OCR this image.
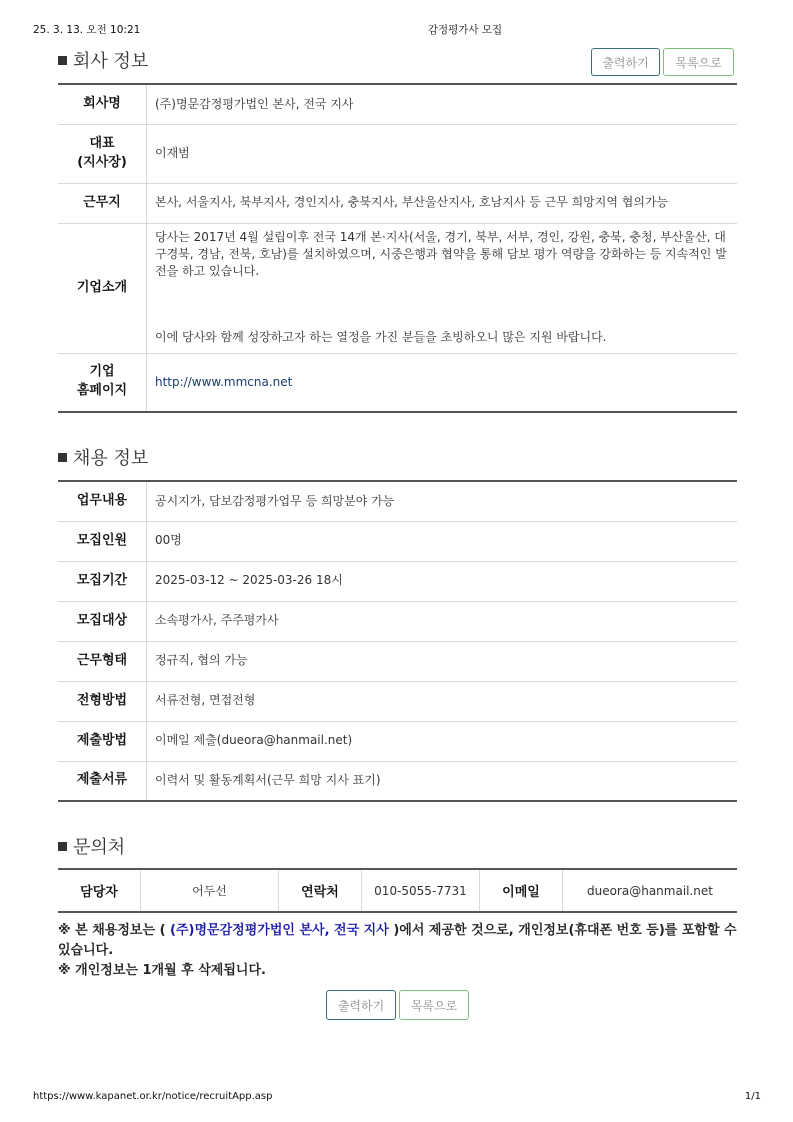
25. 3. 13. 오전 10:21	감정평가사 모집
회사 정보	출력하기	목록으로
회사명	(주)명문감정평가법인 본사, 전국 지사
대표
(지사장)	이재범
근무지	본사, 서울지사, 북부지사, 경인지사, 충북지사, 부산울산지사, 호남지사 등 근무 희망지역 협의가능
기업소개	당사는 2017년 4월 설립이후 전국 14개 본·지사(서울, 경기, 북부, 서부, 경인, 강원, 충북, 충청, 부산울산, 대구경북, 경남, 전북, 호남)를 설치하였으며, 시중은행과 협약을 통해 담보 평가 역량을 강화하는 등 지속적인 발전을 하고 있습니다.
이에 당사와 함께 성장하고자 하는 열정을 가진 분들을 초빙하오니 많은 지원 바랍니다.

기업
홈페이지	http://www.mmcna.net
채용 정보
업무내용	공시지가, 담보감정평가업무 등 희망분야 가능
모집인원	00명
모집기간	2025-03-12 ~ 2025-03-26 18시
모집대상	소속평가사, 주주평가사
근무형태	정규직, 협의 가능
전형방법	서류전형, 면접전형
제출방법	이메일 제출(dueora@hanmail.net)
제출서류	이력서 및 활동계획서(근무 희망 지사 표기)
문의처
담당자	어두선	연락처	010-5055-7731	이메일	dueora@hanmail.net
※ 본 채용정보는 ( (주)명문감정평가법인 본사, 전국 지사 )에서 제공한 것으로, 개인정보(휴대폰 번호 등)를 포함할 수 있습니다.
※ 개인정보는 1개월 후 삭제됩니다.
출력하기	목록으로
https://www.kapanet.or.kr/notice/recruitApp.asp	1/1
